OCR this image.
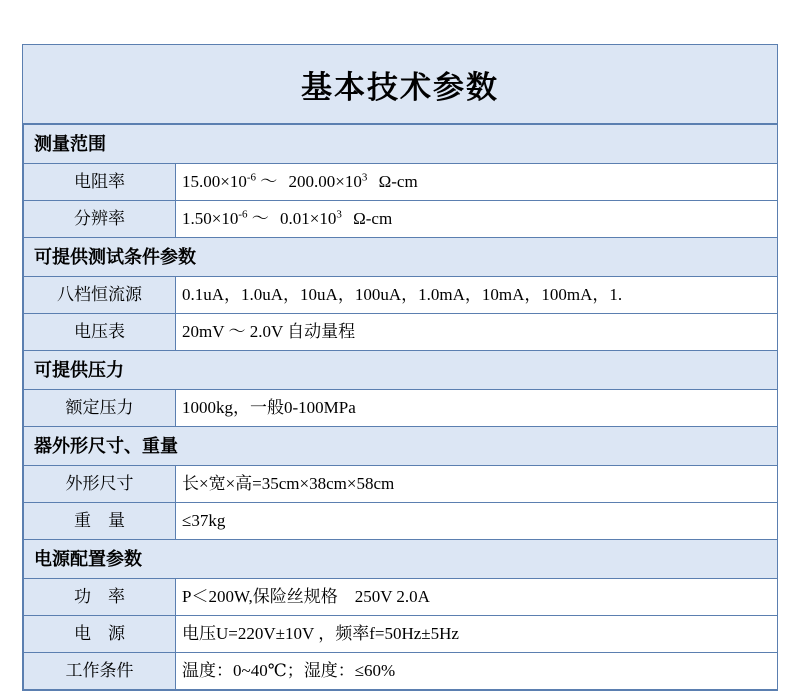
基本技术参数
测量范围	
电阻率	$15.00\times 10^{-6}$ ～ $200.00\times 10^3$ Ω-cm
分辨率	$1.50\times 10^{-6}$ ～ $0.01\times 10^3$ Ω-cm
可提供测试条件参数	
八档恒流源	0.1uA，1.0uA，10uA，100uA，1.0mA，10mA，100mA，1.
电压表	20mV ～ 2.0V 自动量程
可提供压力	
额定压力	1000kg，一般0-100MPa
器外形尺寸、重量	
外形尺寸	长×宽×高=35cm×38cm×58cm
重　量	≤37kg
电源配置参数	
功　率	P＜200W,保险丝规格　250V 2.0A
电　源	电压U=220V±10V ，频率f=50Hz±5Hz
工作条件	温度：0~40℃；湿度：≤60%
